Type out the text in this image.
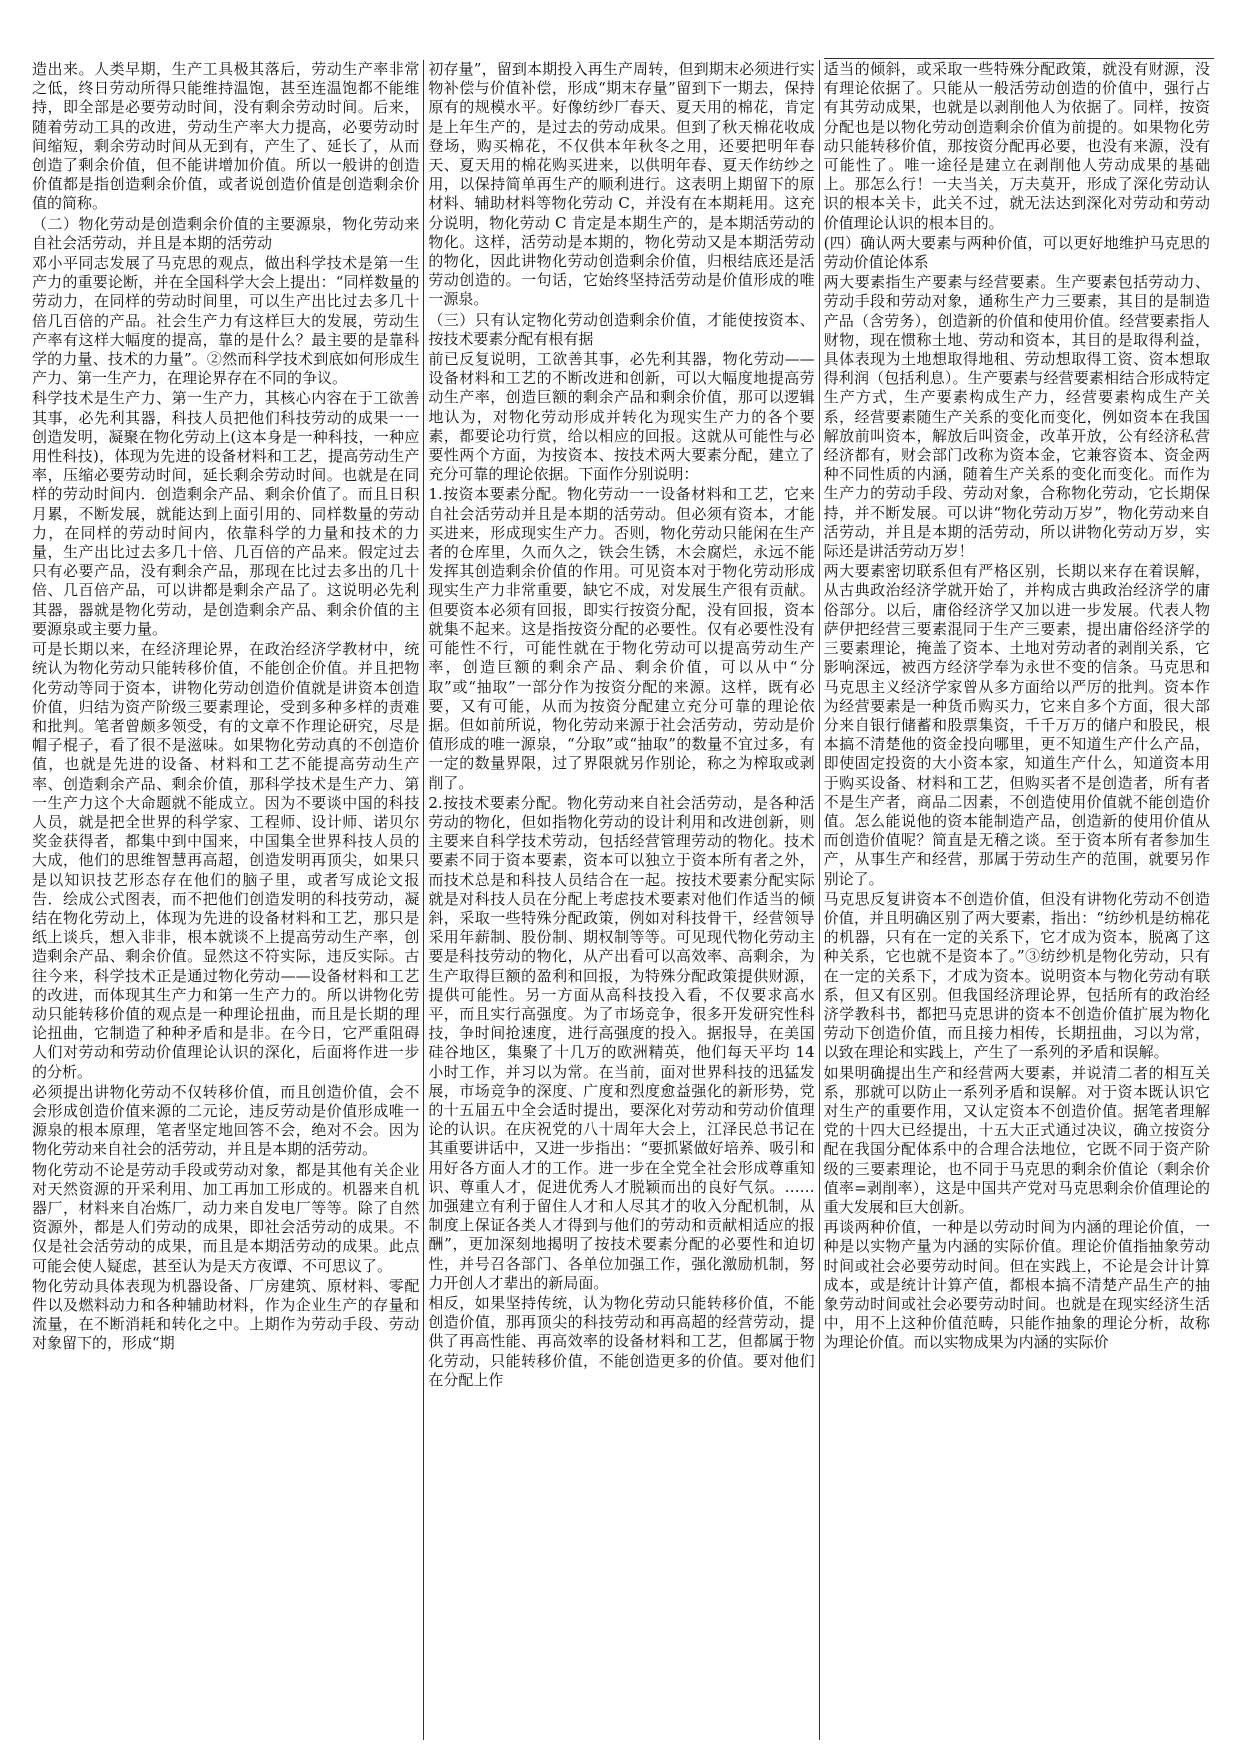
造出来。人类早期，生产工具极其落后，劳动生产率非常之低，终日劳动所得只能维持温饱，甚至连温饱都不能维持，即全部是必要劳动时间，没有剩余劳动时间。后来，随着劳动工具的改进，劳动生产率大力提高，必要劳动时间缩短，剩余劳动时间从无到有，产生了、延长了，从而创造了剩余价值，但不能讲增加价值。所以一般讲的创造价值都是指创造剩余价值，或者说创造价值是创造剩余价值的简称。
（二）物化劳动是创造剩余价值的主要源泉，物化劳动来自社会活劳动，并且是本期的活劳动
邓小平同志发展了马克思的观点，做出科学技术是第一生产力的重要论断，并在全国科学大会上提出：“同样数量的劳动力，在同样的劳动时间里，可以生产出比过去多几十倍几百倍的产品。社会生产力有这样巨大的发展，劳动生产率有这样大幅度的提高，靠的是什么？最主要的是靠科学的力量、技术的力量”。②然而科学技术到底如何形成生产力、第一生产力，在理论界存在不同的争议。
科学技术是生产力、第一生产力，其核心内容在于工欲善其事，必先利其器，科技人员把他们科技劳动的成果一一创造发明，凝聚在物化劳动上(这本身是一种科技，一种应用性科技)，体现为先进的设备材料和工艺，提高劳动生产率，压缩必要劳动时间，延长剩余劳动时间。也就是在同样的劳动时间内．创造剩余产品、剩余价值了。而且日积月累，不断发展，就能达到上面引用的、同样数量的劳动力，在同样的劳动时间内，依靠科学的力量和技术的力量，生产出比过去多几十倍、几百倍的产品来。假定过去只有必要产品，没有剩余产品，那现在比过去多出的几十倍、几百倍产品，可以讲都是剩余产品了。这说明必先利其器，器就是物化劳动，是创造剩余产品、剩余价值的主要源泉或主要力量。
可是长期以来，在经济理论界，在政治经济学教材中，统统认为物化劳动只能转移价值，不能创企价值。并且把物化劳动等同于资本，讲物化劳动创造价值就是讲资本创造价值，归结为资产阶级三要素理论，受到多种多样的责难和批判。笔者曾颇多领受，有的文章不作理论研究，尽是帽子棍子，看了很不是滋味。如果物化劳动真的不创造价值，也就是先进的设备、材料和工艺不能提高劳动生产率、创造剩余产品、剩余价值，那科学技术是生产力、第一生产力这个大命题就不能成立。因为不要谈中国的科技人员，就是把全世界的科学家、工程师、设计师、诺贝尔奖金获得者，都集中到中国来，中国集全世界科技人员的大成，他们的思维智慧再高超，创造发明再顶尖，如果只是以知识技艺形态存在他们的脑子里，或者写成论文报告．绘成公式图表，而不把他们创造发明的科技劳动，凝结在物化劳动上，体现为先进的设备材料和工艺，那只是纸上谈兵，想入非非，根本就谈不上提高劳动生产率，创造剩余产品、剩余价值。显然这不符实际，违反实际。古往今来，科学技术正是通过物化劳动——设备材料和工艺的改进，而体现其生产力和第一生产力的。所以讲物化劳动只能转移价值的观点是一种理论扭曲，而且是长期的理论扭曲，它制造了种种矛盾和是非。在今日，它严重阻碍人们对劳动和劳动价值理论认识的深化，后面将作进一步的分析。
必须提出讲物化劳动不仅转移价值，而且创造价值，会不会形成创造价值来源的二元论，违反劳动是价值形成唯一源泉的根本原理，笔者坚定地回答不会，绝对不会。因为物化劳动来自社会的活劳动，并且是本期的活劳动。
物化劳动不论是劳动手段或劳动对象，都是其他有关企业对天然资源的开采利用、加工再加工形成的。机器来自机器厂，材料来自冶炼厂，动力来自发电厂等等。除了自然资源外，都是人们劳动的成果，即社会活劳动的成果。不仅是社会活劳动的成果，而且是本期活劳动的成果。此点可能会使人疑虑，甚至认为是天方夜谭、不可思议了。
物化劳动具体表现为机器设备、厂房建筑、原材料、零配件以及燃料动力和各种辅助材料，作为企业生产的存量和流量，在不断消耗和转化之中。上期作为劳动手段、劳动对象留下的，形成“期
初存量”，留到本期投入再生产周转，但到期末必须进行实物补偿与价值补偿，形成“期末存量”留到下一期去，保持原有的规模水平。好像纺纱厂春天、夏天用的棉花，肯定是上年生产的，是过去的劳动成果。但到了秋天棉花收成登场，购买棉花，不仅供本年秋冬之用，还要把明年春天、夏天用的棉花购买进来，以供明年春、夏天作纺纱之用，以保持简单再生产的顺利进行。这表明上期留下的原材料、辅助材料等物化劳动 C，并没有在本期耗用。这充分说明，物化劳动 C 肯定是本期生产的，是本期活劳动的物化。这样，活劳动是本期的，物化劳动又是本期活劳动的物化，因此讲物化劳动创造剩余价值，归根结底还是活劳动创造的。一句话，它始终坚持活劳动是价值形成的唯一源泉。
（三）只有认定物化劳动创造剩余价值，才能使按资本、按技术要素分配有根有据
前已反复说明，工欲善其事，必先利其器，物化劳动——设备材料和工艺的不断改进和创新，可以大幅度地提高劳动生产率，创造巨额的剩余产品和剩余价值，那可以逻辑地认为，对物化劳动形成并转化为现实生产力的各个要素，都要论功行赏，给以相应的回报。这就从可能性与必要性两个方面，为按资本、按技术两大要素分配，建立了充分可靠的理论依据。下面作分别说明：
1.按资本要素分配。物化劳动一一设备材料和工艺，它来自社会活劳动并且是本期的活劳动。但必须有资本，才能买进来，形成现实生产力。否则，物化劳动只能闲在生产者的仓库里，久而久之，铁会生锈，木会腐烂，永远不能发挥其创造剩余价值的作用。可见资本对于物化劳动形成现实生产力非常重要，缺它不成，对发展生产很有贡献。但要资本必须有回报，即实行按资分配，没有回报，资本就集不起来。这是指按资分配的必要性。仅有必要性没有可能性不行，可能性就在于物化劳动可以提高劳动生产率，创造巨额的剩余产品、剩余价值，可以从中“分取”或“抽取”一部分作为按资分配的来源。这样，既有必要，又有可能，从而为按资分配建立充分可靠的理论依据。但如前所说，物化劳动来源于社会活劳动，劳动是价值形成的唯一源泉，“分取”或“抽取”的数量不宜过多，有一定的数量界限，过了界限就另作别论，称之为榨取或剥削了。
2.按技术要素分配。物化劳动来自社会活劳动，是各种活劳动的物化，但如指物化劳动的设计利用和改进创新，则主要来自科学技术劳动，包括经营管理劳动的物化。技术要素不同于资本要素，资本可以独立于资本所有者之外，而技术总是和科技人员结合在一起。按技术要素分配实际就是对科技人员在分配上考虑技术要素对他们作适当的倾斜，采取一些特殊分配政策，例如对科技骨干，经营领导采用年薪制、股份制、期权制等等。可见现代物化劳动主要是科技劳动的物化，从产出看可以高效率、高剩余，为生产取得巨额的盈利和回报，为特殊分配政策提供财源，提供可能性。另一方面从高科技投入看，不仅要求高水平，而且实行高强度。为了市场竞争，很多开发研究性科技，争时间抢速度，进行高强度的投入。据报导，在美国硅谷地区，集聚了十几万的欧洲精英，他们每天平均 14 小时工作，并习以为常。在当前，面对世界科技的迅猛发展，市场竞争的深度、广度和烈度愈益强化的新形势，党的十五届五中全会适时提出，要深化对劳动和劳动价值理论的认识。在庆祝党的八十周年大会上，江泽民总书记在其重要讲话中，又进一步指出：“要抓紧做好培养、吸引和用好各方面人才的工作。进一步在全党全社会形成尊重知识、尊重人才，促进优秀人才脱颖而出的良好气氛。……加强建立有利于留住人才和人尽其才的收入分配机制，从制度上保证各类人才得到与他们的劳动和贡献相适应的报酬”，更加深刻地揭明了按技术要素分配的必要性和迫切性，并号召各部门、各单位加强工作，强化激励机制，努力开创人才辈出的新局面。
相反，如果坚持传统，认为物化劳动只能转移价值，不能创造价值，那再顶尖的科技劳动和再高超的经营劳动，提供了再高性能、再高效率的设备材料和工艺，但都属于物化劳动，只能转移价值，不能创造更多的价值。要对他们在分配上作
适当的倾斜，或采取一些特殊分配政策，就没有财源，没有理论依据了。只能从一般活劳动创造的价值中，强行占有其劳动成果，也就是以剥削他人为依据了。同样，按资分配也是以物化劳动创造剩余价值为前提的。如果物化劳动只能转移价值，那按资分配再必要，也没有来源，没有可能性了。唯一途径是建立在剥削他人劳动成果的基础上。那怎么行！一夫当关，万夫莫开，形成了深化劳动认识的根本关卡，此关不过，就无法达到深化对劳动和劳动价值理论认识的根本目的。
(四）确认两大要素与两种价值，可以更好地维护马克思的劳动价值论体系
两大要素指生产要素与经营要素。生产要素包括劳动力、劳动手段和劳动对象，通称生产力三要素，其目的是制造产品（含劳务），创造新的价值和使用价值。经营要素指人财物，现在惯称土地、劳动和资本，其目的是取得利益，具体表现为土地想取得地租、劳动想取得工资、资本想取得利润（包括利息）。生产要素与经营要素相结合形成特定生产方式，生产要素构成生产力，经营要素构成生产关系，经营要素随生产关系的变化而变化，例如资本在我国解放前叫资本，解放后叫资金，改革开放，公有经济私营经济都有，财会部门改称为资本金，它兼容资本、资金两种不同性质的内涵，随着生产关系的变化而变化。而作为生产力的劳动手段、劳动对象，合称物化劳动，它长期保持，并不断发展。可以讲“物化劳动万岁”，物化劳动来自活劳动，并且是本期的活劳动，所以讲物化劳动万岁，实际还是讲活劳动万岁！
两大要素密切联系但有严格区别，长期以来存在着误解，从古典政治经济学就开始了，并构成古典政治经济学的庸俗部分。以后，庸俗经济学又加以进一步发展。代表人物萨伊把经营三要素混同于生产三要素，提出庸俗经济学的三要素理论，掩盖了资本、土地对劳动者的剥削关系，它影响深远，被西方经济学奉为永世不变的信条。马克思和马克思主义经济学家曾从多方面给以严厉的批判。资本作为经营要素是一种货币购买力，它来自多个方面，很大部分来自银行储蓄和股票集资，千千万万的储户和股民，根本搞不清楚他的资金投向哪里，更不知道生产什么产品，即使固定投资的大小资本家，知道生产什么，知道资本用于购买设备、材料和工艺，但购买者不是创造者，所有者不是生产者，商品二因素，不创造使用价值就不能创造价值。怎么能说他的资本能制造产品，创造新的使用价值从而创造价值呢？简直是无稽之谈。至于资本所有者参加生产，从事生产和经营，那属于劳动生产的范围，就要另作别论了。
马克思反复讲资本不创造价值，但没有讲物化劳动不创造价值，并且明确区别了两大要素，指出：“纺纱机是纺棉花的机器，只有在一定的关系下，它才成为资本，脱离了这种关系，它也就不是资本了。”③纺纱机是物化劳动，只有在一定的关系下，才成为资本。说明资本与物化劳动有联系，但又有区别。但我国经济理论界，包括所有的政治经济学教科书，都把马克思讲的资本不创造价值扩展为物化劳动下创造价值，而且接力相传，长期扭曲，习以为常，以致在理论和实践上，产生了一系列的矛盾和误解。
如果明确提出生产和经营两大要素，并说清二者的相互关系，那就可以防止一系列矛盾和误解。对于资本既认识它对生产的重要作用，又认定资本不创造价值。据笔者理解 党的十四大已经提出，十五大正式通过决议，确立按资分配在我国分配体系中的合理合法地位，它既不同于资产阶级的三要素理论，也不同于马克思的剩余价值论（剩余价值率=剥削率），这是中国共产党对马克思剩余价值理论的重大发展和巨大创新。
再谈两种价值，一种是以劳动时间为内涵的理论价值，一种是以实物产量为内涵的实际价值。理论价值指抽象劳动时间或社会必要劳动时间。但在实践上，不论是会计计算成本，或是统计计算产值，都根本搞不清楚产品生产的抽象劳动时间或社会必要劳动时间。也就是在现实经济生活中，用不上这种价值范畴，只能作抽象的理论分析，故称为理论价值。而以实物成果为内涵的实际价
